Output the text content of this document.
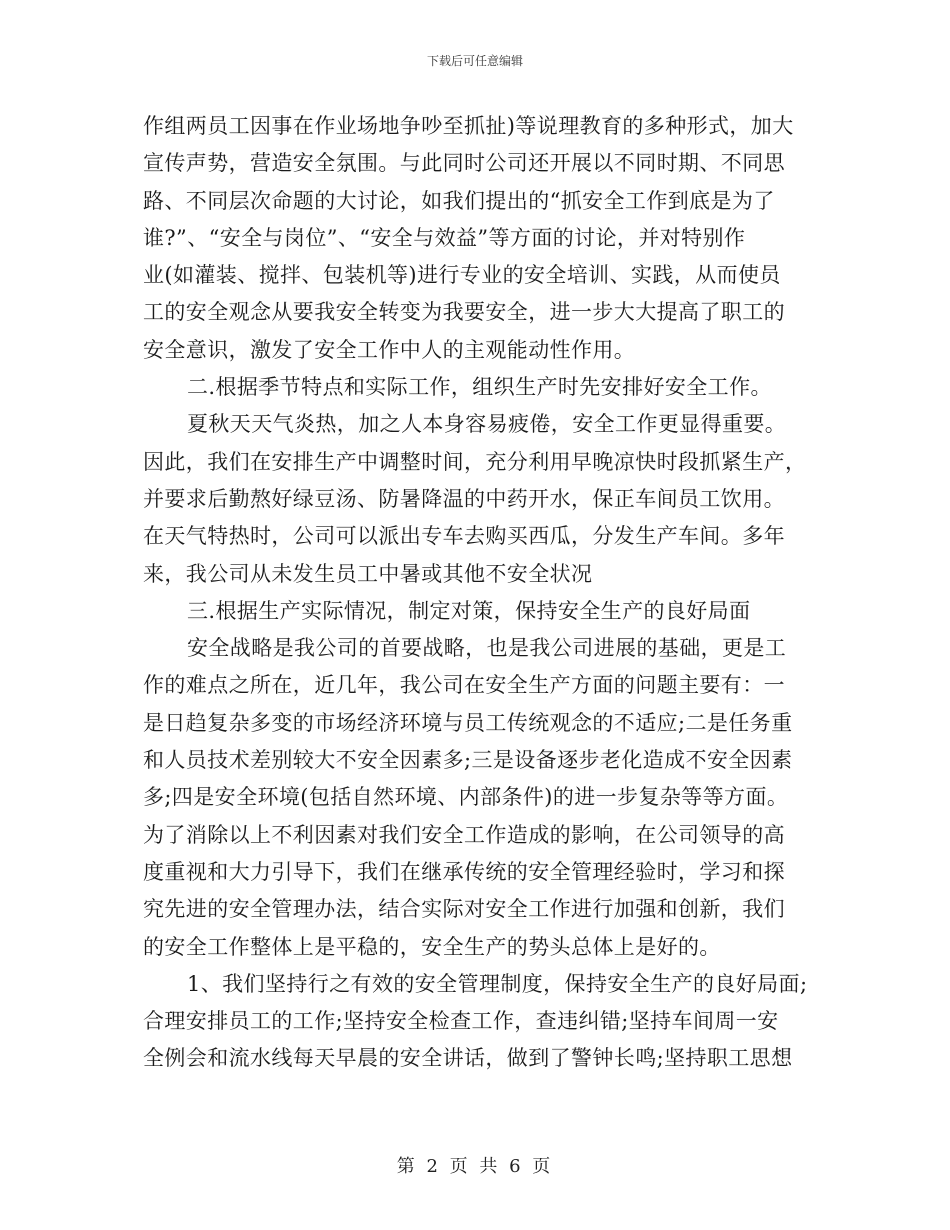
下载后可任意编辑
作组两员工因事在作业场地争吵至抓扯)等说理教育的多种形式，加大
宣传声势，营造安全氛围。与此同时公司还开展以不同时期、不同思
路、不同层次命题的大讨论，如我们提出的“抓安全工作到底是为了
谁?”、“安全与岗位”、“安全与效益”等方面的讨论，并对特别作
业(如灌装、搅拌、包装机等)进行专业的安全培训、实践，从而使员
工的安全观念从要我安全转变为我要安全，进一步大大提高了职工的
安全意识，激发了安全工作中人的主观能动性作用。
二.根据季节特点和实际工作，组织生产时先安排好安全工作。
夏秋天天气炎热，加之人本身容易疲倦，安全工作更显得重要。
因此，我们在安排生产中调整时间，充分利用早晚凉快时段抓紧生产，
并要求后勤熬好绿豆汤、防暑降温的中药开水，保正车间员工饮用。
在天气特热时，公司可以派出专车去购买西瓜，分发生产车间。多年
来，我公司从未发生员工中暑或其他不安全状况
三.根据生产实际情况，制定对策，保持安全生产的良好局面
安全战略是我公司的首要战略，也是我公司进展的基础，更是工
作的难点之所在，近几年，我公司在安全生产方面的问题主要有：一
是日趋复杂多变的市场经济环境与员工传统观念的不适应;二是任务重
和人员技术差别较大不安全因素多;三是设备逐步老化造成不安全因素
多;四是安全环境(包括自然环境、内部条件)的进一步复杂等等方面。
为了消除以上不利因素对我们安全工作造成的影响，在公司领导的高
度重视和大力引导下，我们在继承传统的安全管理经验时，学习和探
究先进的安全管理办法，结合实际对安全工作进行加强和创新，我们
的安全工作整体上是平稳的，安全生产的势头总体上是好的。
1、我们坚持行之有效的安全管理制度，保持安全生产的良好局面;
合理安排员工的工作;坚持安全检查工作，查违纠错;坚持车间周一安
全例会和流水线每天早晨的安全讲话，做到了警钟长鸣;坚持职工思想
第 2 页 共 6 页
